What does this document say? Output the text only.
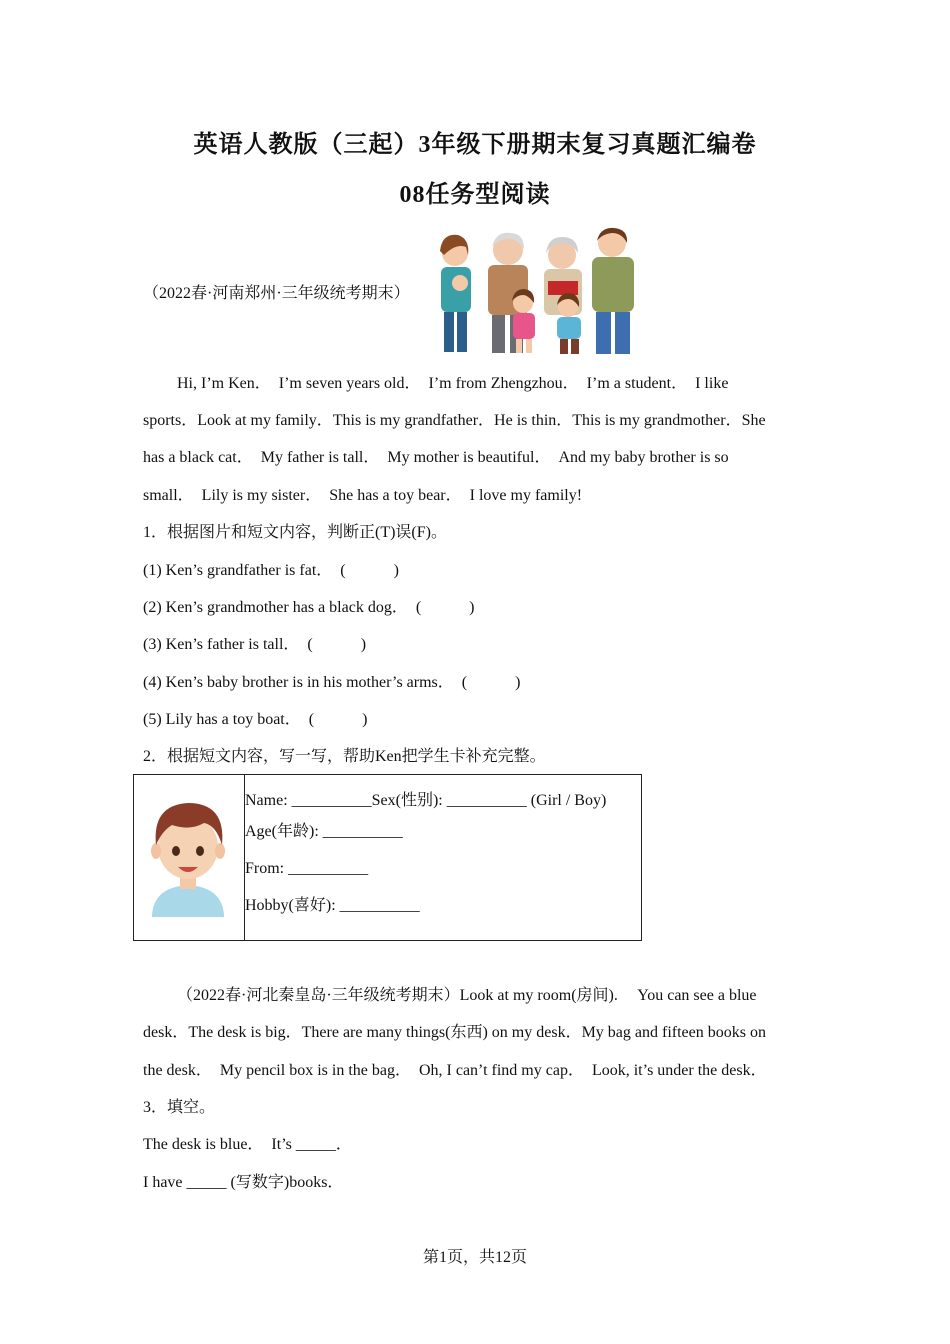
英语人教版（三起）3年级下册期末复习真题汇编卷
08任务型阅读
（2022春·河南郑州·三年级统考期末）
Hi, I’m Ken．　I’m seven years old．　I’m from Zhengzhou．　I’m a student．　I like
sports．Look at my family．This is my grandfather．He is thin．This is my grandmother．She
has a black cat．　My father is tall．　My mother is beautiful．　And my baby brother is so
small．　Lily is my sister．　She has a toy bear．　I love my family!
1．根据图片和短文内容，判断正(T)误(F)。
(1) Ken’s grandfather is fat．　(　　　)
(2) Ken’s grandmother has a black dog．　(　　　)
(3) Ken’s father is tall．　(　　　)
(4) Ken’s baby brother is in his mother’s arms．　(　　　)
(5) Lily has a toy boat．　(　　　)
2．根据短文内容，写一写，帮助Ken把学生卡补充完整。

Name: __________Sex(性别): __________ (Girl / Boy)
Age(年龄): __________
From: __________
Hobby(喜好): __________
（2022春·河北秦皇岛·三年级统考期末）Look at my room(房间).　 You can see a blue
desk．The desk is big．There are many things(东西) on my desk．My bag and fifteen books on
the desk．　My pencil box is in the bag．　Oh, I can’t find my cap．　Look, it’s under the desk．
3．填空。
The desk is blue．　It’s _____．
I have _____ (写数字)books．
第1页，共12页
